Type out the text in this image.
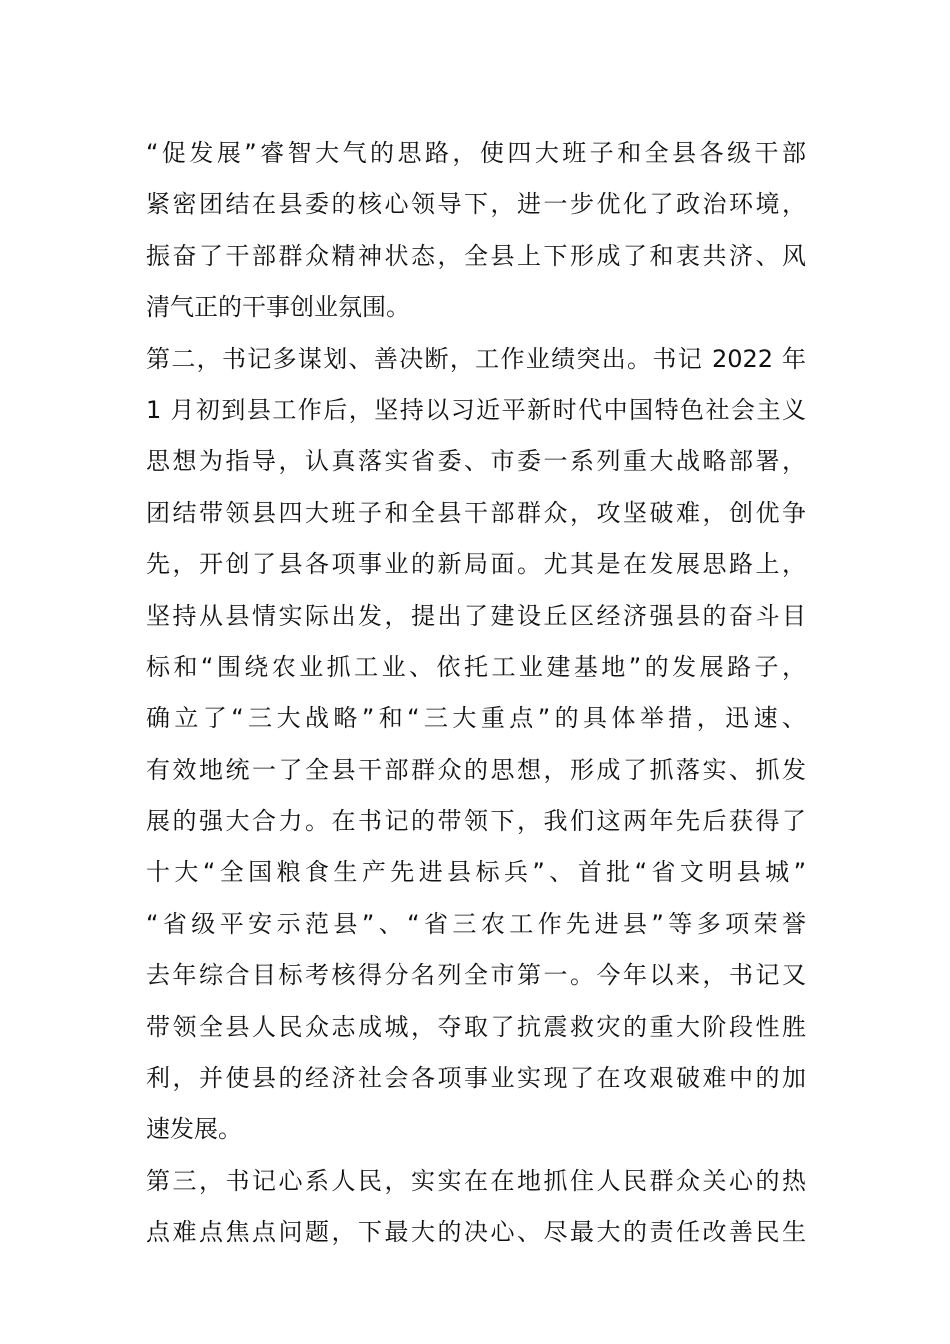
“促发展”睿智大气的思路，使四大班子和全县各级干部
紧密团结在县委的核心领导下，进一步优化了政治环境，
振奋了干部群众精神状态，全县上下形成了和衷共济、风
清气正的干事创业氛围。
第二，书记多谋划、善决断，工作业绩突出。书记 2022 年
1 月初到县工作后，坚持以习近平新时代中国特色社会主义
思想为指导，认真落实省委、市委一系列重大战略部署，
团结带领县四大班子和全县干部群众，攻坚破难，创优争
先，开创了县各项事业的新局面。尤其是在发展思路上，
坚持从县情实际出发，提出了建设丘区经济强县的奋斗目
标和“围绕农业抓工业、依托工业建基地”的发展路子，
确立了“三大战略”和“三大重点”的具体举措，迅速、
有效地统一了全县干部群众的思想，形成了抓落实、抓发
展的强大合力。在书记的带领下，我们这两年先后获得了
十大“全国粮食生产先进县标兵”、首批“省文明县城”
“省级平安示范县”、“省三农工作先进县”等多项荣誉
去年综合目标考核得分名列全市第一。今年以来，书记又
带领全县人民众志成城，夺取了抗震救灾的重大阶段性胜
利，并使县的经济社会各项事业实现了在攻艰破难中的加
速发展。
第三，书记心系人民，实实在在地抓住人民群众关心的热
点难点焦点问题，下最大的决心、尽最大的责任改善民生
